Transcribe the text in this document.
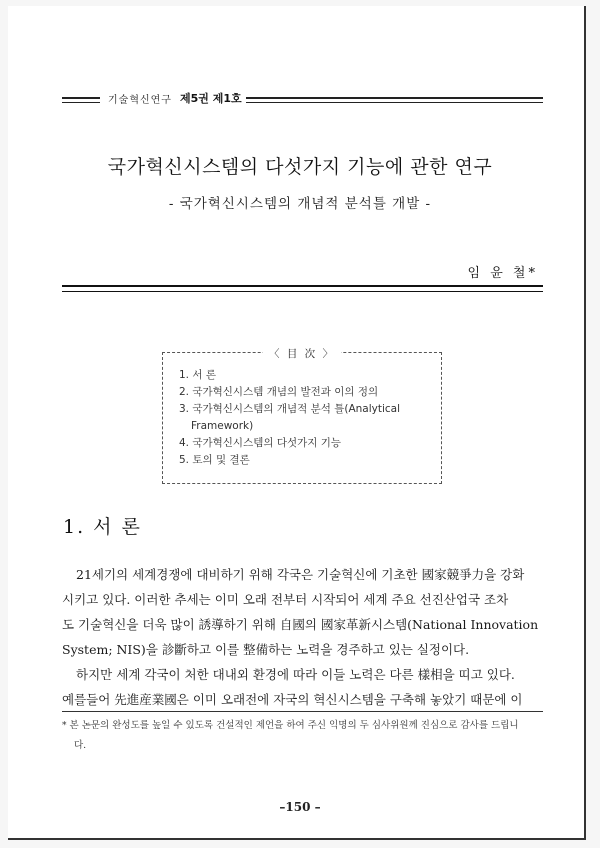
기술혁신연구 제5권 제1호
국가혁신시스템의 다섯가지 기능에 관한 연구
- 국가혁신시스템의 개념적 분석틀 개발 -
임 윤 철*
〈 目 次 〉
1. 서 론
2. 국가혁신시스템 개념의 발전과 이의 정의
3. 국가혁신시스템의 개념적 분석 틀(Analytical
Framework)
4. 국가혁신시스템의 다섯가지 기능
5. 토의 및 결론
1. 서 론
21세기의 세계경쟁에 대비하기 위해 각국은 기술혁신에 기초한 國家競爭力을 강화
시키고 있다. 이러한 추세는 이미 오래 전부터 시작되어 세계 주요 선진산업국 조차
도 기술혁신을 더욱 많이 誘導하기 위해 自國의 國家革新시스템(National Innovation
System; NIS)을 診斷하고 이를 整備하는 노력을 경주하고 있는 실정이다.
하지만 세계 각국이 처한 대내외 환경에 따라 이들 노력은 다른 樣相을 띠고 있다.
예를들어 先進産業國은 이미 오래전에 자국의 혁신시스템을 구축해 놓았기 때문에 이
* 본 논문의 완성도를 높일 수 있도록 건설적인 제언을 하여 주신 익명의 두 심사위원께 진심으로 감사를 드립니
다.
–150 –
